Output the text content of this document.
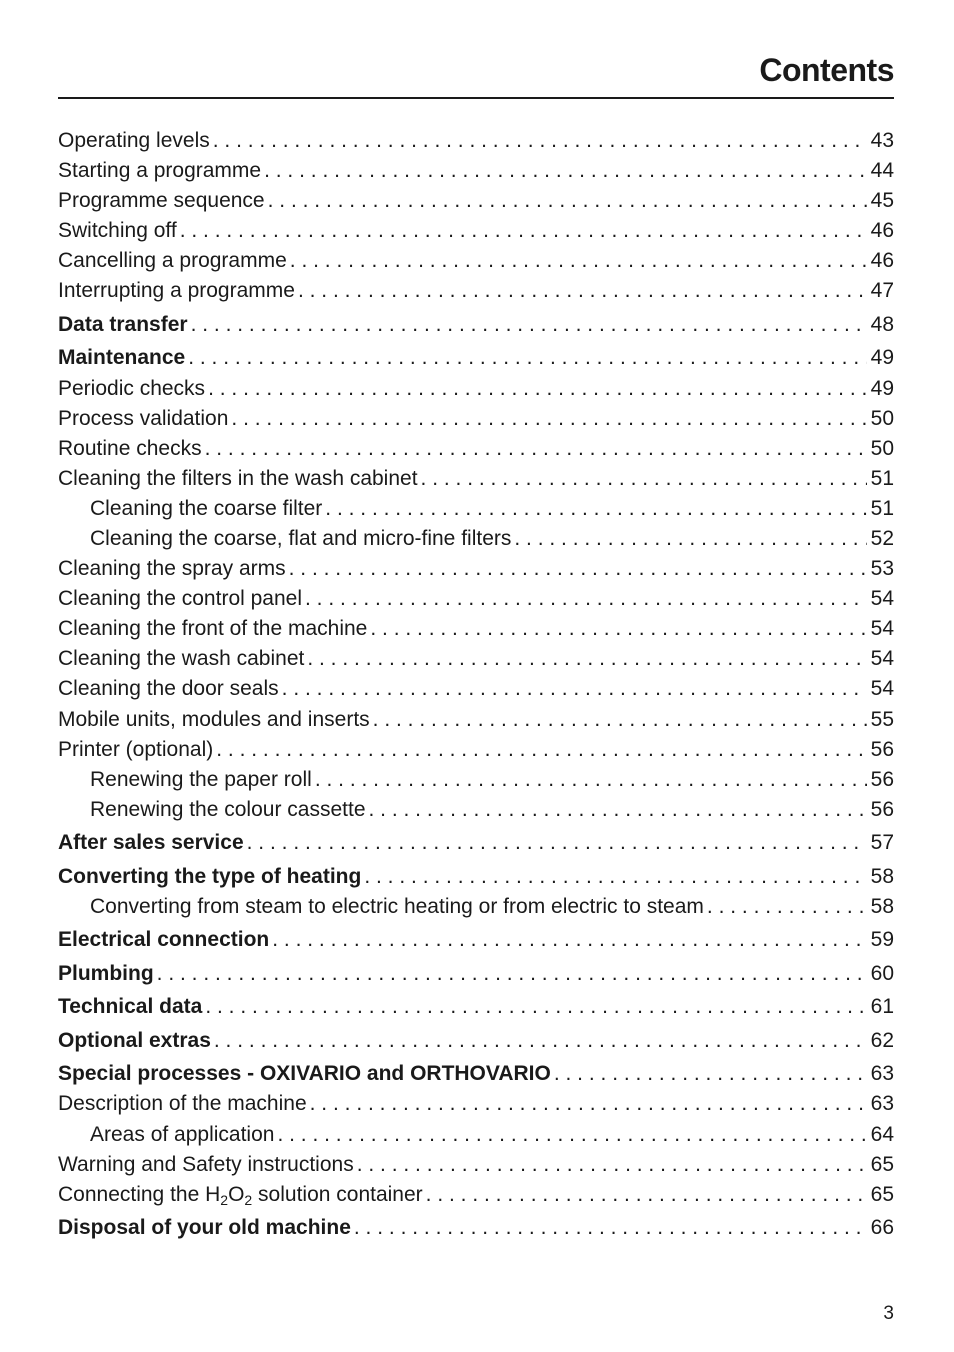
Contents
Operating levels . . .	43
Starting a programme . . .	44
Programme sequence . . .	45
Switching off . . .	46
Cancelling a programme . . .	46
Interrupting a programme . . .	47
Data transfer . . .	48
Maintenance . . .	49
Periodic checks . . .	49
Process validation . . .	50
Routine checks . . .	50
Cleaning the filters in the wash cabinet . . .	51
Cleaning the coarse filter . . .	51
Cleaning the coarse, flat and micro-fine filters . . .	52
Cleaning the spray arms . . .	53
Cleaning the control panel . . .	54
Cleaning the front of the machine . . .	54
Cleaning the wash cabinet . . .	54
Cleaning the door seals . . .	54
Mobile units, modules and inserts . . .	55
Printer (optional) . . .	56
Renewing the paper roll . . .	56
Renewing the colour cassette . . .	56
After sales service . . .	57
Converting the type of heating . . .	58
Converting from steam to electric heating or from electric to steam . . .	58
Electrical connection . . .	59
Plumbing . . .	60
Technical data . . .	61
Optional extras . . .	62
Special processes - OXIVARIO and ORTHOVARIO . . .	63
Description of the machine . . .	63
Areas of application . . .	64
Warning and Safety instructions . . .	65
Connecting the $H_2O_2$ solution container . . .	65
Disposal of your old machine . . .	66
3
